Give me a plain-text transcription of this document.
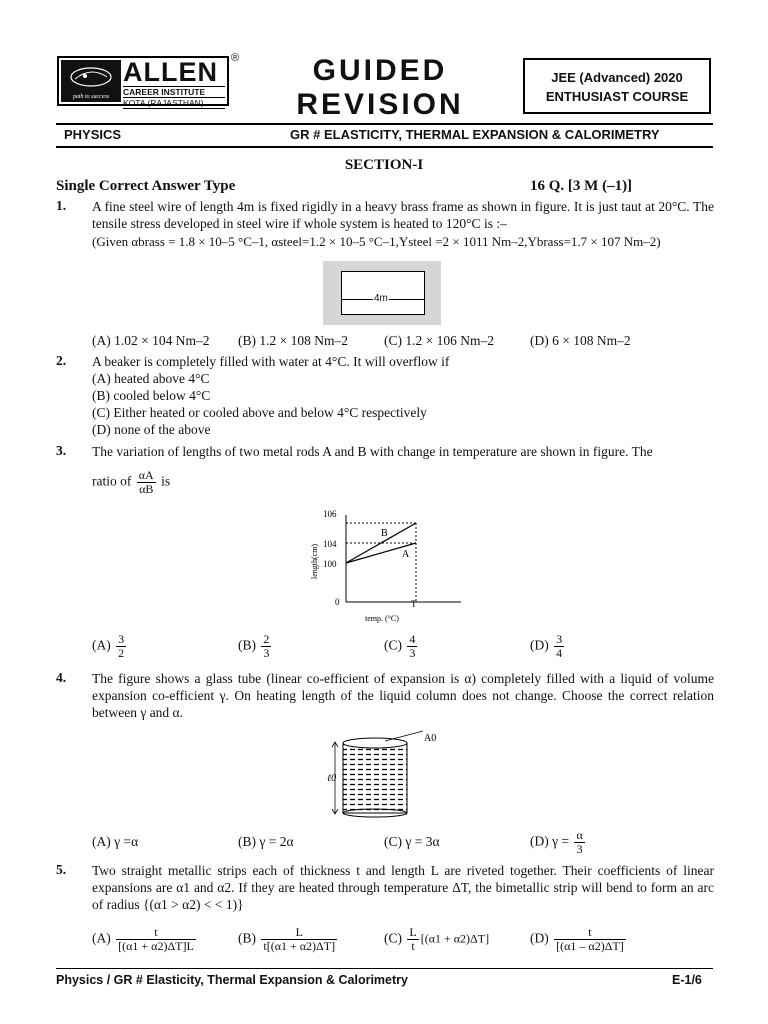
path to success
ALLEN
CAREER INSTITUTE
KOTA (RAJASTHAN)
®	GUIDED
REVISION
JEE (Advanced) 2020
ENTHUSIAST COURSE
PHYSICS	GR # ELASTICITY, THERMAL EXPANSION & CALORIMETRY
SECTION-I
Single Correct Answer Type	16 Q. [3 M (–1)]
1. A fine steel wire of length 4m is fixed rigidly in a heavy brass frame as shown in figure. It is just taut at 20°C. The tensile stress developed in steel wire if whole system is heated to 120°C is :–
(Given αbrass = 1.8 × 10–5 °C–1, αsteel=1.2 × 10–5 °C–1,Ysteel =2 × 1011 Nm–2,Ybrass=1.7 × 107 Nm–2)
4m
(A) 1.02 × 104 Nm–2 (B) 1.2 × 108 Nm–2	(C) 1.2 × 106 Nm–2	(D) 6 × 108 Nm–2
2. A beaker is completely filled with water at 4°C. It will overflow if
(A) heated above 4°C
(B) cooled below 4°C
(C) Either heated or cooled above and below 4°C respectively
(D) none of the above
3. The variation of lengths of two metal rods A and B with change in temperature are shown in figure. The
ratio of $\frac{\alpha A}{\alpha B}$ is
106
104
100
0	T
B
A
length(cm)
temp. (°C)
$(A) \frac{3}{2}$	$(B) \frac{2}{3}$	$(C) \frac{4}{3}$	$(D) \frac{3}{4}$
4. The figure shows a glass tube (linear co-efficient of expansion is α) completely filled with a liquid of volume expansion co-efficient γ. On heating length of the liquid column does not change. Choose the correct relation between γ and α.
A0
ℓ0
(A) γ =α	(B) γ = 2α	(C) γ = 3α	(D) $\gamma = \frac{\alpha}{3}$
5. Two straight metallic strips each of thickness t and length L are riveted together. Their coefficients of linear expansions are α1 and α2. If they are heated through temperature ΔT, the bimetallic strip will bend to form an arc of radius {(α1 > α2) < < 1)}
$(A) \frac{t}{[(\alpha 1 + \alpha 2)\Delta T]L}$	$(B) \frac{L}{t[(\alpha 1 + \alpha 2)\Delta T]}$	$(C) \frac{L}{t} [(\alpha 1 + \alpha 2)\Delta T]$	$(D) \frac{t}{[(\alpha 1 - \alpha 2)\Delta T]}$
Physics / GR # Elasticity, Thermal Expansion & Calorimetry	E-1/6
